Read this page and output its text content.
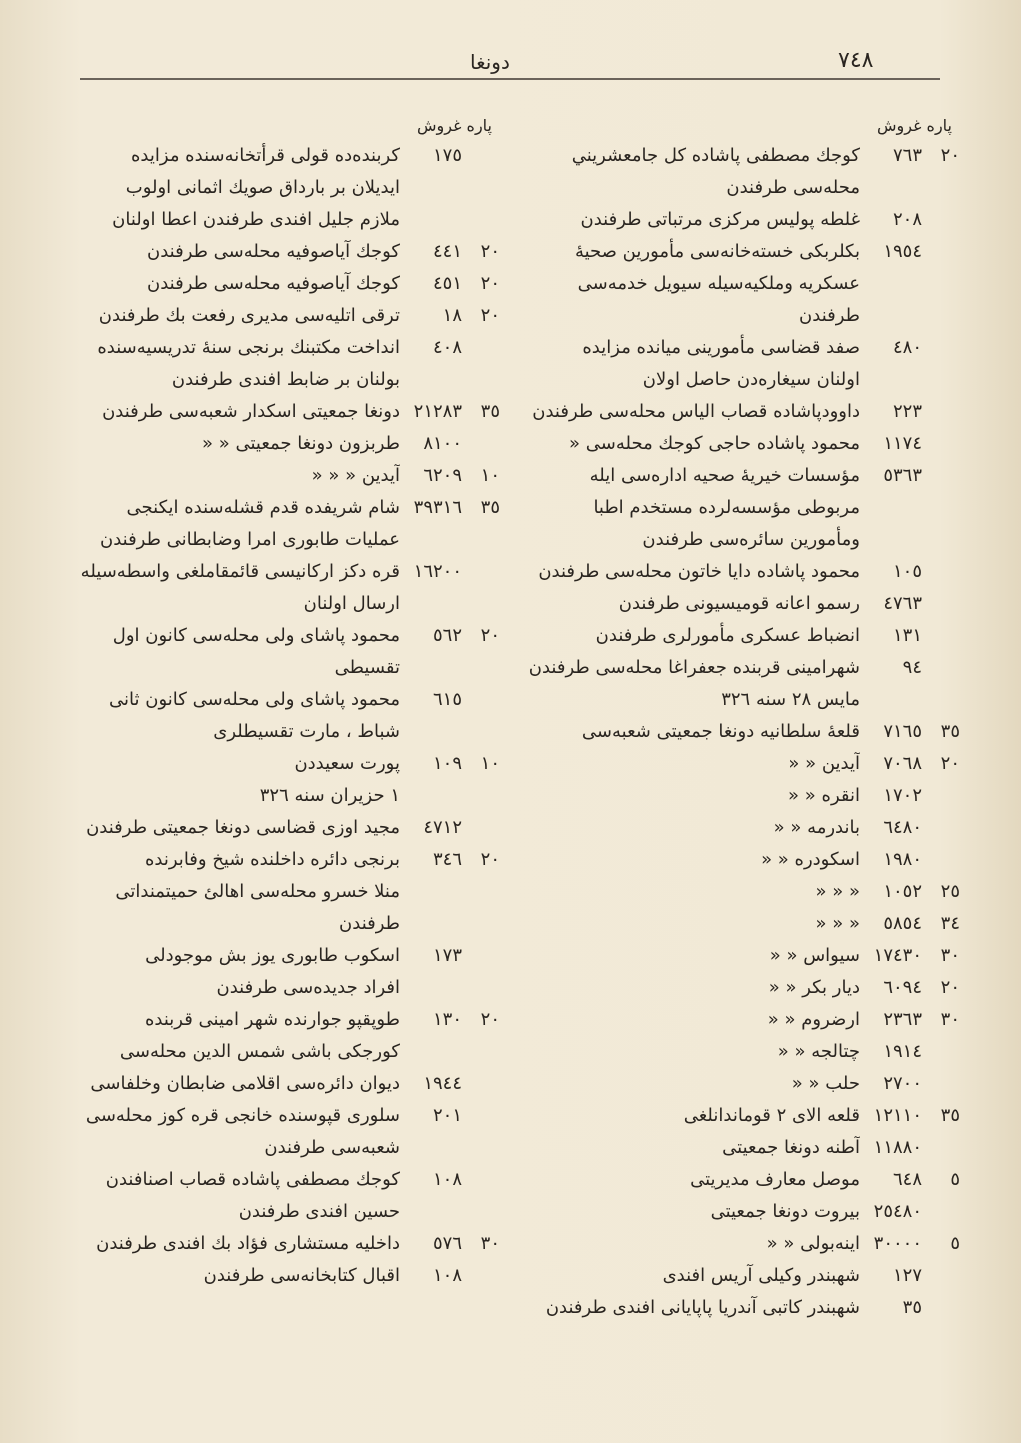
٧٤٨
دونغا
پاره غروش
٢٠
٧٦٣
كوجك مصطفى پاشاده كل جامعشريني
محله‌سى طرفندن
٢٠٨
غلطه پوليس مركزى مرتباتى طرفندن
١٩٥٤
بكلربكى خسته‌خانه‌سى مأمورين صحيه‌ٔ
عسكريه وملكيه‌سيله سيويل خدمه‌سى
طرفندن
٤٨٠
صفد قضاسى مأمورينى ميانده مزايده
اولنان سيغاره‌دن حاصل اولان
٢٢٣
داوودپاشاده قصاب الياس محله‌سى طرفندن
١١٧٤
محمود پاشاده حاجى كوجك محله‌سى «
٥٣٦٣
مؤسسات خيريهٔ صحيه اداره‌سى ايله
مربوطى مؤسسه‌لرده مستخدم اطبا
ومأمورين سائره‌سى طرفندن
١٠٥
محمود پاشاده دايا خاتون محله‌سى طرفندن
٤٧٦٣
رسمو اعانه قوميسيونى طرفندن
١٣١
انضباط عسكرى مأمورلرى طرفندن
٩٤
شهرامينى قربنده جعفراغا محله‌سى طرفندن
مايس ٢٨ سنه ٣٢٦
٣٥
٧١٦٥
قلعهٔ سلطانيه دونغا جمعيتى شعبه‌سى
٢٠
٧٠٦٨
آيدين « «
١٧٠٢
انقره « «
٦٤٨٠
باندرمه « «
١٩٨٠
اسكودره « «
٢٥
١٠٥٢
« « «
٣٤
٥٨٥٤
« « «
٣٠
١٧٤٣٠
سيواس « «
٢٠
٦٠٩٤
ديار بكر « «
٣٠
٢٣٦٣
ارضروم « «
١٩١٤
چتالجه « «
٢٧٠٠
حلب « «
٣٥
١٢١١٠
قلعه الاى ٢ قوماندانلغى
١١٨٨٠
آطنه دونغا جمعيتى
٥
٦٤٨
موصل معارف مديريتى
٢٥٤٨٠
بيروت دونغا جمعيتى
٥
٣٠٠٠٠
اينه‌بولى « «
١٢٧
شهبندر وكيلى آريس افندى
٣٥
شهبندر كاتبى آندريا پاپايانى افندى طرفندن
پاره غروش
١٧٥
كربنده‌ده قولى قرأتخانه‌سنده مزايده
ايديلان بر بارداق صويك اثمانى اولوب
ملازم جليل افندى طرفندن اعطا اولنان
٢٠
٤٤١
كوجك آياصوفيه محله‌سى طرفندن
٢٠
٤٥١
كوجك آياصوفيه محله‌سى طرفندن
٢٠
١٨
ترقى اتليه‌سى مديرى رفعت بك طرفندن
٤٠٨
انداخت مكتبنك برنجى سنهٔ تدريسيه‌سنده
بولنان بر ضابط افندى طرفندن
٣٥
٢١٢٨٣
دونغا جمعيتى اسكدار شعبه‌سى طرفندن
٨١٠٠
طربزون دونغا جمعيتى « «
١٠
٦٢٠٩
آيدين « « «
٣٥
٣٩٣١٦
شام شريفده قدم قشله‌سنده ايكنجى
عمليات طابورى امرا وضابطانى طرفندن
١٦٢٠٠
قره دكز اركانيسى قائمقاملغى واسطه‌سيله
ارسال اولنان
٢٠
٥٦٢
محمود پاشاى ولى محله‌سى كانون اول
تقسيطى
٦١٥
محمود پاشاى ولى محله‌سى كانون ثانى
شباط ، مارت تقسيطلرى
١٠
١٠٩
پورت سعيددن
١ حزيران سنه ٣٢٦
٤٧١٢
مجيد اوزى قضاسى دونغا جمعيتى طرفندن
٢٠
٣٤٦
برنجى دائره داخلنده شيخ وفابرنده
منلا خسرو محله‌سى اهالئ حميتمنداتى
طرفندن
١٧٣
اسكوب طابورى يوز بش موجودلى
افراد جديده‌سى طرفندن
٢٠
١٣٠
طوپقپو جوارنده شهر امينى قربنده
كورجكى باشى شمس الدين محله‌سى
١٩٤٤
ديوان دائره‌سى اقلامى ضابطان وخلفاسى
٢٠١
سلورى قپوسنده خانجى قره كوز محله‌سى
شعبه‌سى طرفندن
١٠٨
كوجك مصطفى پاشاده قصاب اصنافندن
حسين افندى طرفندن
٣٠
٥٧٦
داخليه مستشارى فؤاد بك افندى طرفندن
١٠٨
اقبال كتابخانه‌سى طرفندن
